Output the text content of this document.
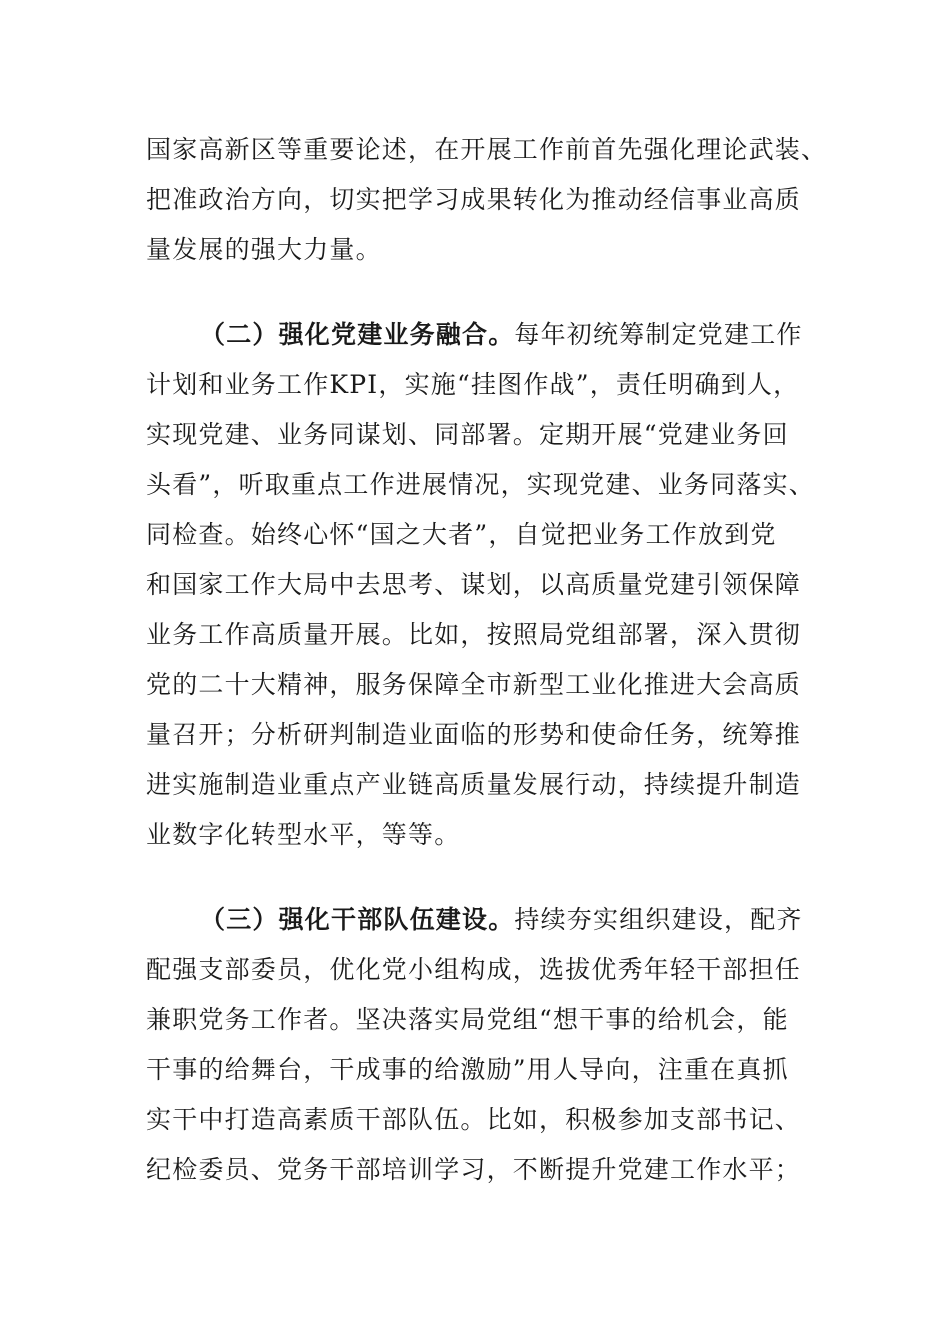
国家高新区等重要论述，在开展工作前首先强化理论武装、
把准政治方向，切实把学习成果转化为推动经信事业高质
量发展的强大力量。
（二）强化党建业务融合。每年初统筹制定党建工作
计划和业务工作KPI，实施“挂图作战”，责任明确到人，
实现党建、业务同谋划、同部署。定期开展“党建业务回
头看”，听取重点工作进展情况，实现党建、业务同落实、
同检查。始终心怀“国之大者”，自觉把业务工作放到党
和国家工作大局中去思考、谋划，以高质量党建引领保障
业务工作高质量开展。比如，按照局党组部署，深入贯彻
党的二十大精神，服务保障全市新型工业化推进大会高质
量召开；分析研判制造业面临的形势和使命任务，统筹推
进实施制造业重点产业链高质量发展行动，持续提升制造
业数字化转型水平，等等。
（三）强化干部队伍建设。持续夯实组织建设，配齐
配强支部委员，优化党小组构成，选拔优秀年轻干部担任
兼职党务工作者。坚决落实局党组“想干事的给机会，能
干事的给舞台，干成事的给激励”用人导向，注重在真抓
实干中打造高素质干部队伍。比如，积极参加支部书记、
纪检委员、党务干部培训学习，不断提升党建工作水平；
